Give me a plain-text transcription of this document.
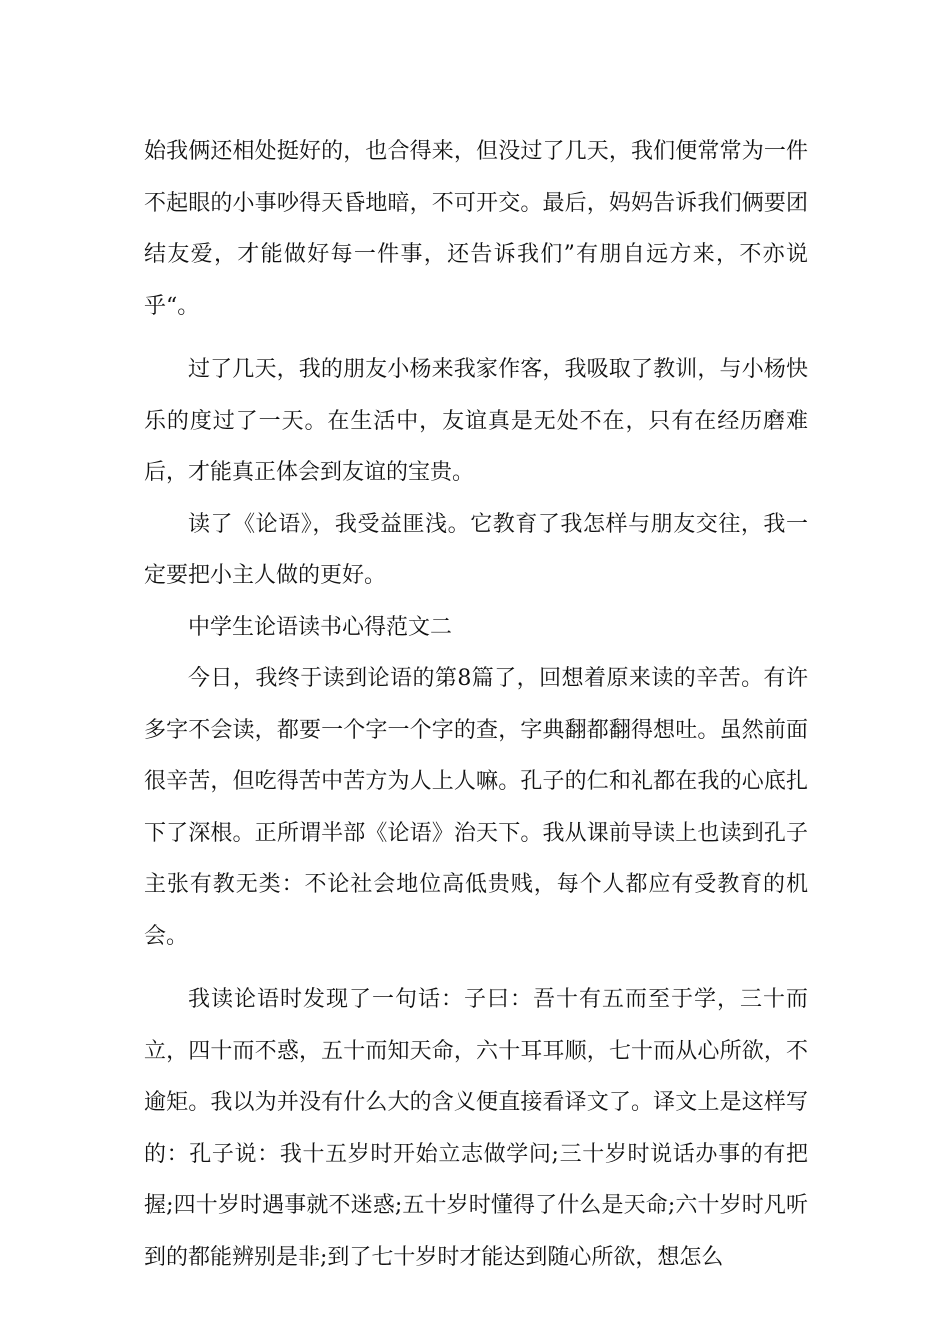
始我俩还相处挺好的，也合得来，但没过了几天，我们便常常为一件不起眼的小事吵得天昏地暗，不可开交。最后，妈妈告诉我们俩要团结友爱，才能做好每一件事，还告诉我们”有朋自远方来，不亦说乎“。

过了几天，我的朋友小杨来我家作客，我吸取了教训，与小杨快乐的度过了一天。在生活中，友谊真是无处不在，只有在经历磨难后，才能真正体会到友谊的宝贵。

读了《论语》，我受益匪浅。它教育了我怎样与朋友交往，我一定要把小主人做的更好。

中学生论语读书心得范文二

今日，我终于读到论语的第8篇了，回想着原来读的辛苦。有许多字不会读，都要一个字一个字的查，字典翻都翻得想吐。虽然前面很辛苦，但吃得苦中苦方为人上人嘛。孔子的仁和礼都在我的心底扎下了深根。正所谓半部《论语》治天下。我从课前导读上也读到孔子主张有教无类：不论社会地位高低贵贱，每个人都应有受教育的机会。

我读论语时发现了一句话：子曰：吾十有五而至于学，三十而立，四十而不惑，五十而知天命，六十耳耳顺，七十而从心所欲，不逾矩。我以为并没有什么大的含义便直接看译文了。译文上是这样写的：孔子说：我十五岁时开始立志做学问;三十岁时说话办事的有把握;四十岁时遇事就不迷惑;五十岁时懂得了什么是天命;六十岁时凡听到的都能辨别是非;到了七十岁时才能达到随心所欲，想怎么
